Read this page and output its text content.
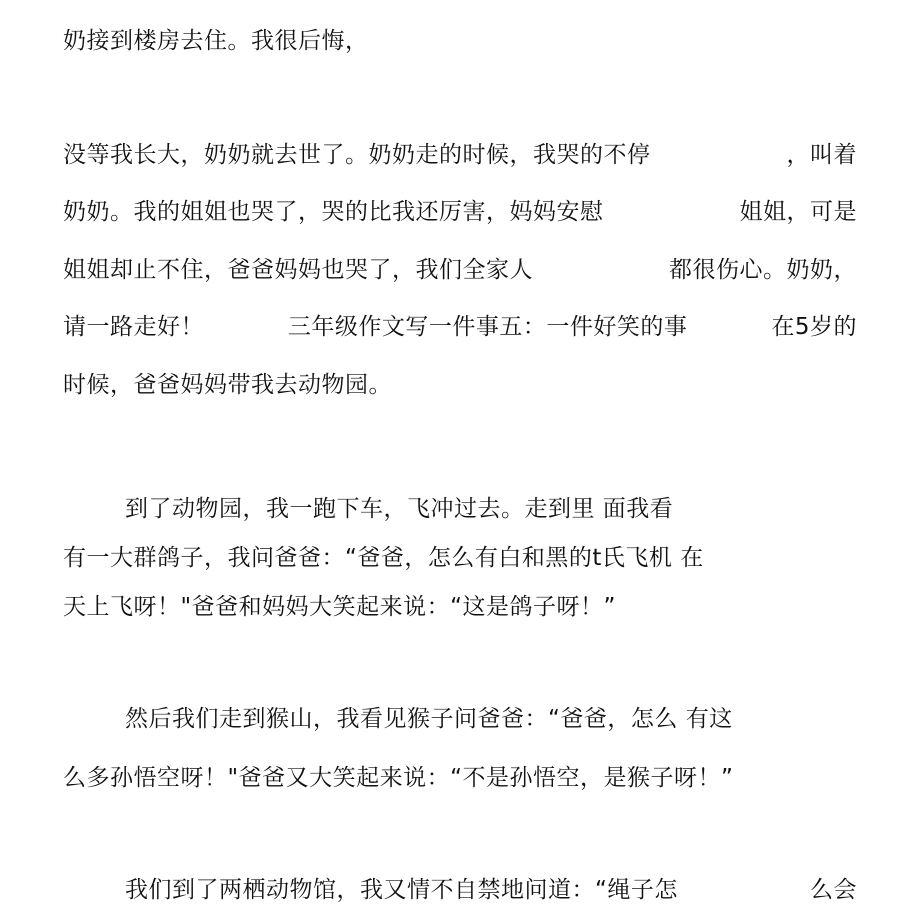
奶接到楼房去住。我很后悔，
没等我长大，奶奶就去世了。奶奶走的时候，我哭的不停	，叫着
奶奶。我的姐姐也哭了，哭的比我还厉害，妈妈安慰	姐姐，可是
姐姐却止不住，爸爸妈妈也哭了，我们全家人	都很伤心。奶奶，
请一路走好！	三年级作文写一件事五：一件好笑的事	在5岁的
时候，爸爸妈妈带我去动物园。
到了动物园，我一跑下车，飞冲过去。走到里 面我看
有一大群鸽子，我问爸爸：“爸爸，怎么有白和黑的t氏飞机 在
天上飞呀！"爸爸和妈妈大笑起来说：“这是鸽子呀！”
然后我们走到猴山，我看见猴子问爸爸：“爸爸，怎么 有这
么多孙悟空呀！"爸爸又大笑起来说：“不是孙悟空，是猴子呀！”
我们到了两栖动物馆，我又情不自禁地问道：“绳子怎	么会
